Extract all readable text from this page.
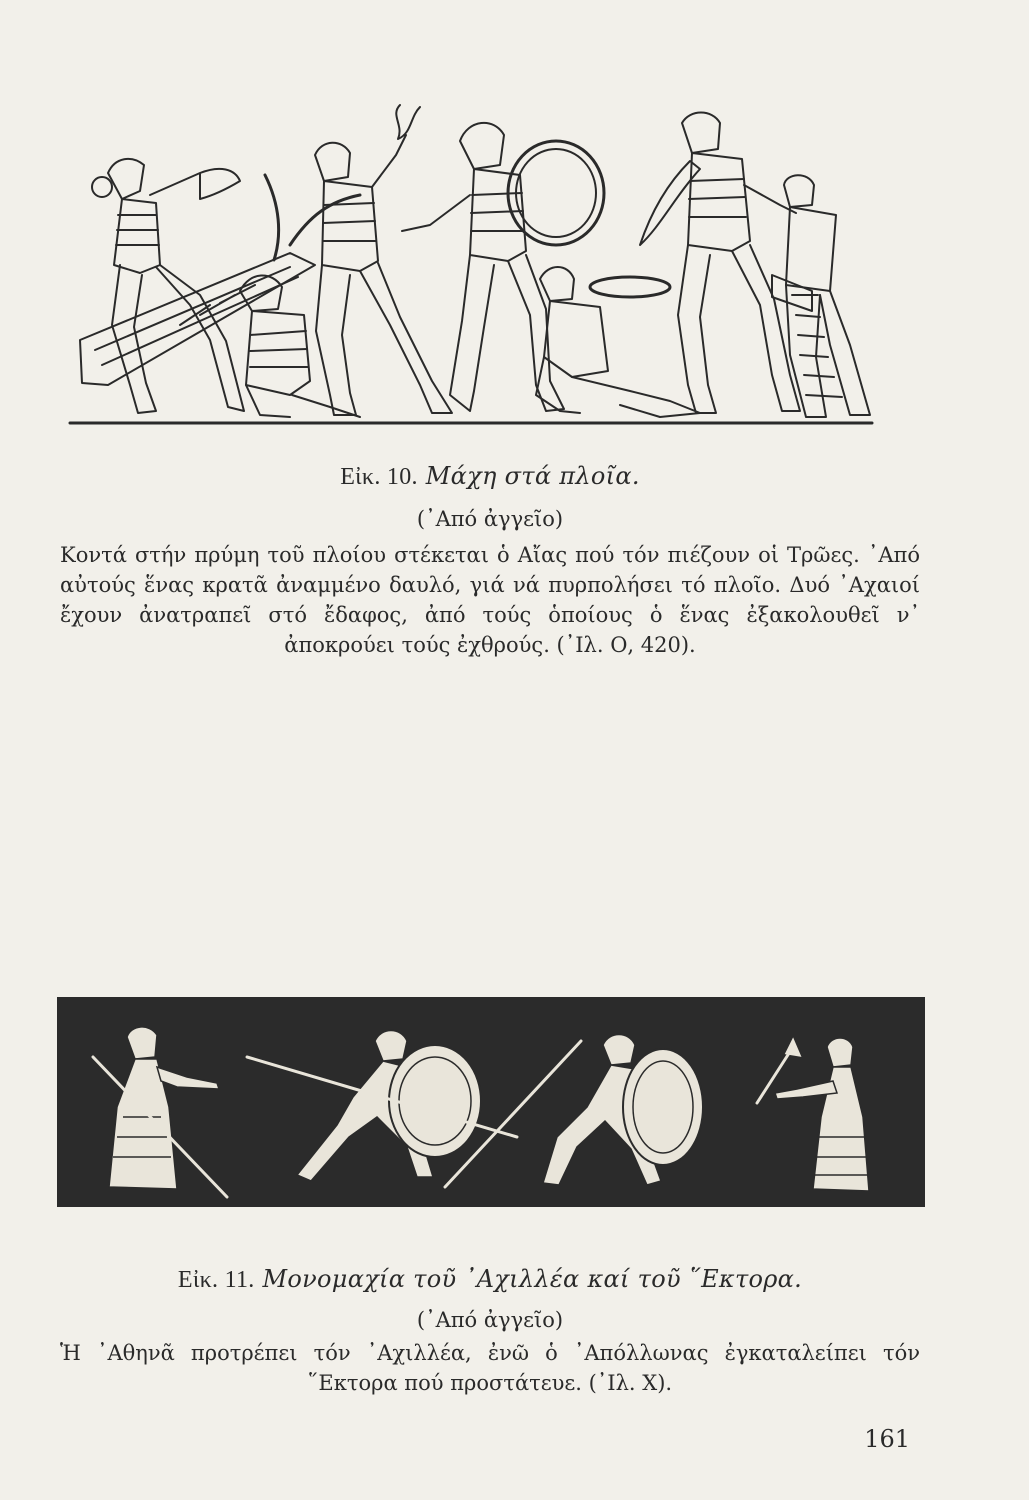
Εἰκ. 10. Μάχη στά πλοῖα.

(᾿Από ἀγγεῖο)

Κοντά στήν πρύμη τοῦ πλοίου στέκεται ὁ Αἴας πού τόν πιέζουν οἱ Τρῶες. ᾿Από αὐτούς ἕνας κρατᾶ ἀναμμένο δαυλό, γιά νά πυρπολήσει τό πλοῖο. Δυό ᾿Αχαιοί ἔχουν ἀνατραπεῖ στό ἔδαφος, ἀπό τούς ὁποίους ὁ ἕνας ἐξακολουθεῖ ν᾿ ἀποκρούει τούς ἐχθρούς. (᾿Ιλ. Ο, 420).

Εἰκ. 11. Μονομαχία τοῦ ᾿Αχιλλέα καί τοῦ ῞Εκτορα.

(᾿Από ἀγγεῖο)

Ἡ ᾿Αθηνᾶ προτρέπει τόν ᾿Αχιλλέα, ἐνῶ ὁ ᾿Απόλλωνας ἐγκαταλείπει τόν ῞Εκτορα πού προστάτευε. (᾿Ιλ. Χ).

161
